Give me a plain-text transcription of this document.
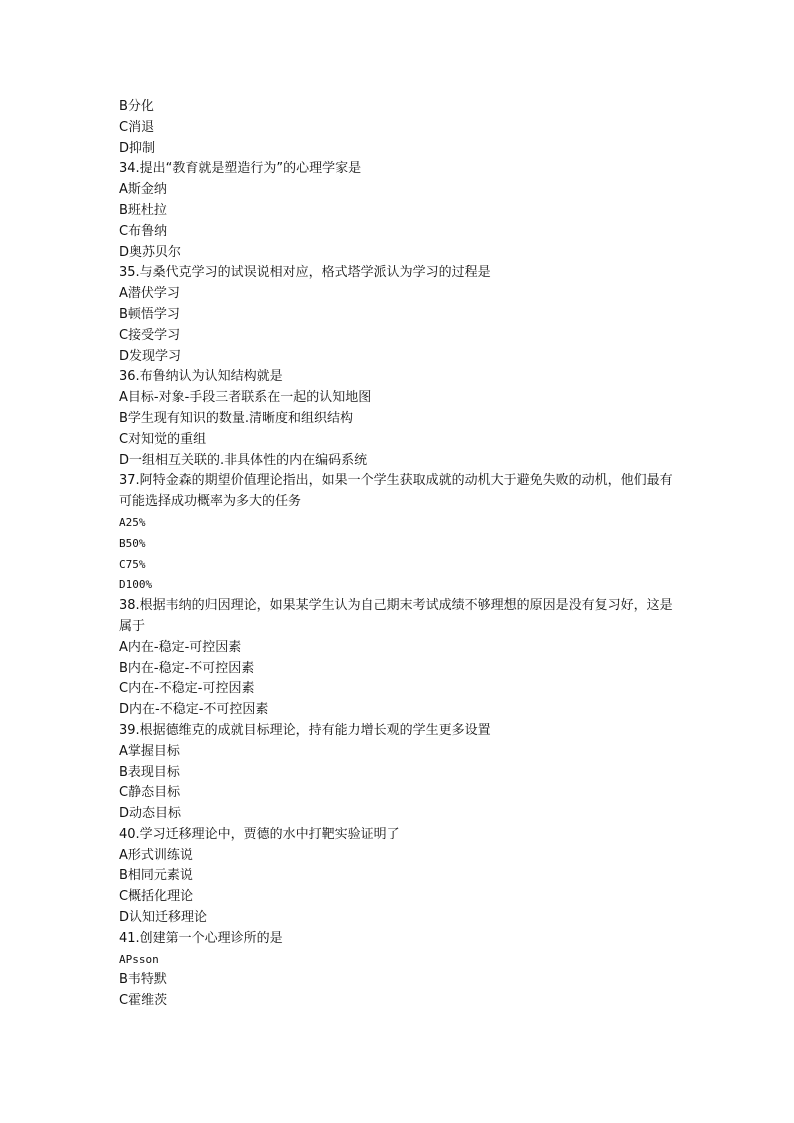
B分化
C消退
D抑制
34.提出“教育就是塑造行为”的心理学家是
A斯金纳
B班杜拉
C布鲁纳
D奥苏贝尔
35.与桑代克学习的试误说相对应，格式塔学派认为学习的过程是
A潜伏学习
B顿悟学习
C接受学习
D发现学习
36.布鲁纳认为认知结构就是
A目标-对象-手段三者联系在一起的认知地图
B学生现有知识的数量.清晰度和组织结构
C对知觉的重组
D一组相互关联的.非具体性的内在编码系统
37.阿特金森的期望价值理论指出，如果一个学生获取成就的动机大于避免失败的动机，他们最有可能选择成功概率为多大的任务
A25%
B50%
C75%
D100%
38.根据韦纳的归因理论，如果某学生认为自己期末考试成绩不够理想的原因是没有复习好，这是属于
A内在-稳定-可控因素
B内在-稳定-不可控因素
C内在-不稳定-可控因素
D内在-不稳定-不可控因素
39.根据德维克的成就目标理论，持有能力增长观的学生更多设置
A掌握目标
B表现目标
C静态目标
D动态目标
40.学习迁移理论中，贾德的水中打靶实验证明了
A形式训练说
B相同元素说
C概括化理论
D认知迁移理论
41.创建第一个心理诊所的是
APsson
B韦特默
C霍维茨
